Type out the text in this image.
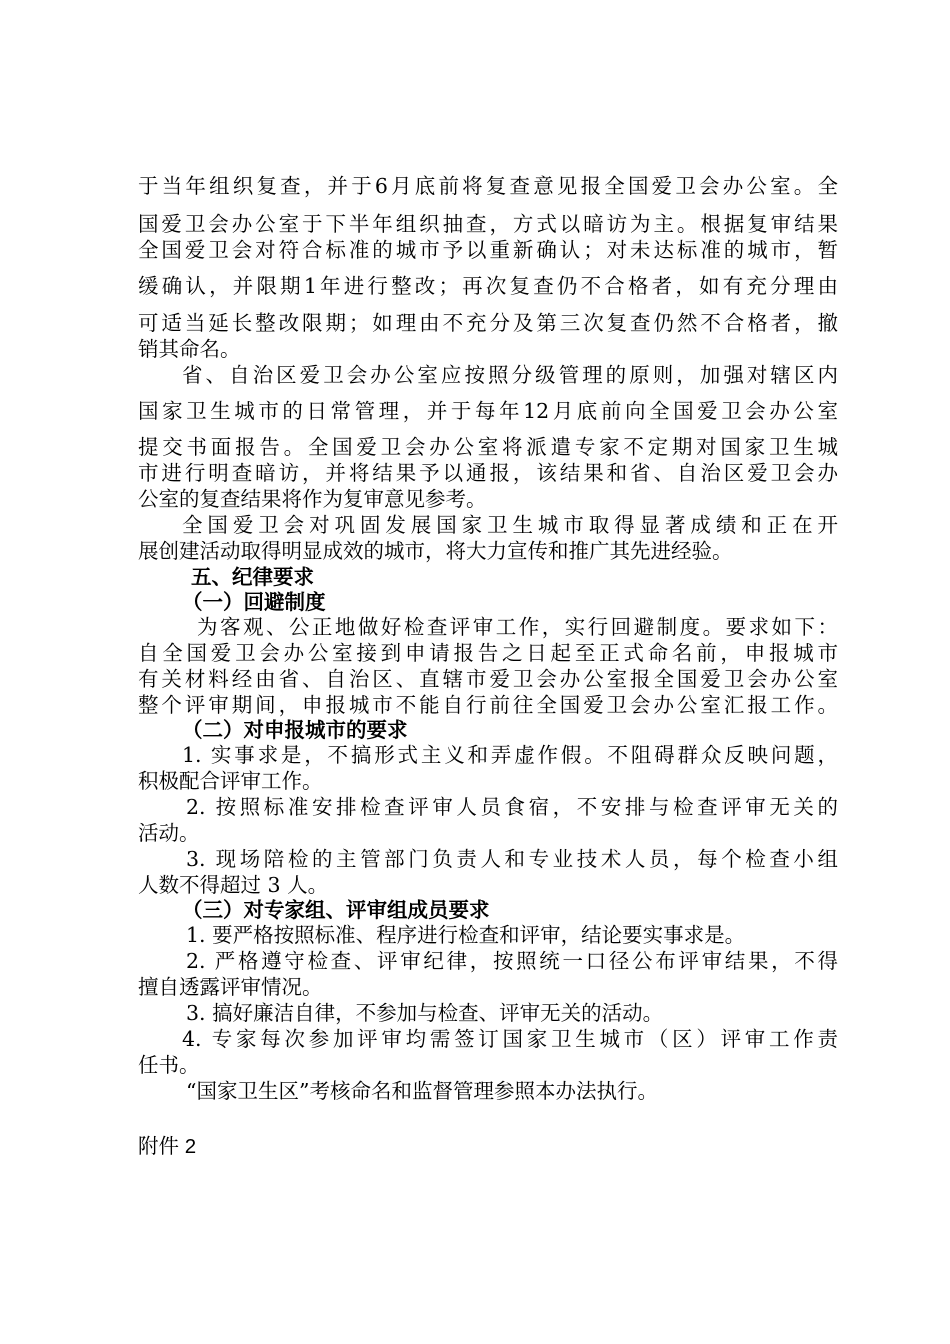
于当年组织复查，并于6月底前将复查意见报全国爱卫会办公室。全
国爱卫会办公室于下半年组织抽查，方式以暗访为主。根据复审结果
全国爱卫会对符合标准的城市予以重新确认；对未达标准的城市，暂
缓确认，并限期1年进行整改；再次复查仍不合格者，如有充分理由
可适当延长整改限期；如理由不充分及第三次复查仍然不合格者，撤
销其命名。
省、自治区爱卫会办公室应按照分级管理的原则，加强对辖区内
国家卫生城市的日常管理，并于每年12月底前向全国爱卫会办公室
提交书面报告。全国爱卫会办公室将派遣专家不定期对国家卫生城
市进行明查暗访，并将结果予以通报，该结果和省、自治区爱卫会办
公室的复查结果将作为复审意见参考。
全国爱卫会对巩固发展国家卫生城市取得显著成绩和正在开
展创建活动取得明显成效的城市，将大力宣传和推广其先进经验。
五、纪律要求
（一）回避制度
为客观、公正地做好检查评审工作，实行回避制度。要求如下：
自全国爱卫会办公室接到申请报告之日起至正式命名前，申报城市
有关材料经由省、自治区、直辖市爱卫会办公室报全国爱卫会办公室
整个评审期间，申报城市不能自行前往全国爱卫会办公室汇报工作。
（二）对申报城市的要求
1. 实事求是，不搞形式主义和弄虚作假。不阻碍群众反映问题，
积极配合评审工作。
2. 按照标准安排检查评审人员食宿，不安排与检查评审无关的
活动。
3. 现场陪检的主管部门负责人和专业技术人员，每个检查小组
人数不得超过 3 人。
（三）对专家组、评审组成员要求
1. 要严格按照标准、程序进行检查和评审，结论要实事求是。
2. 严格遵守检查、评审纪律，按照统一口径公布评审结果，不得
擅自透露评审情况。
3. 搞好廉洁自律，不参加与检查、评审无关的活动。
4. 专家每次参加评审均需签订国家卫生城市（区）评审工作责
任书。
“国家卫生区”考核命名和监督管理参照本办法执行。
附件 2
